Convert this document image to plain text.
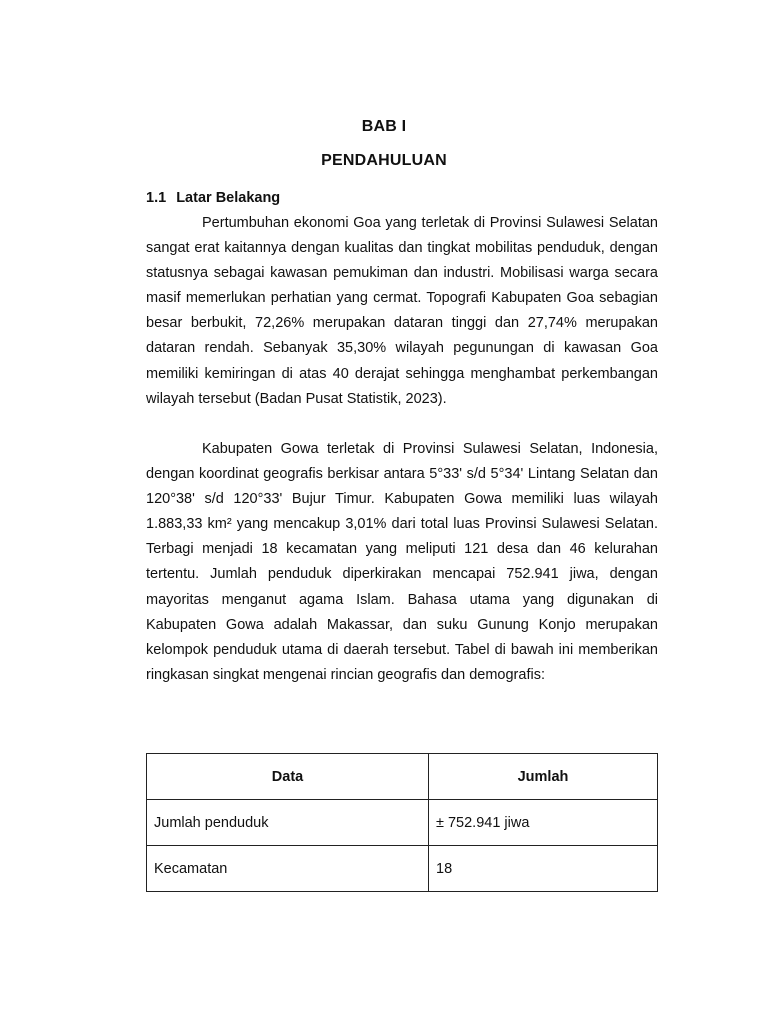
BAB I
PENDAHULUAN
1.1 Latar Belakang

Pertumbuhan ekonomi Goa yang terletak di Provinsi Sulawesi Selatan sangat erat kaitannya dengan kualitas dan tingkat mobilitas penduduk, dengan statusnya sebagai kawasan pemukiman dan industri. Mobilisasi warga secara masif memerlukan perhatian yang cermat. Topografi Kabupaten Goa sebagian besar berbukit, 72,26% merupakan dataran tinggi dan 27,74% merupakan dataran rendah. Sebanyak 35,30% wilayah pegunungan di kawasan Goa memiliki kemiringan di atas 40 derajat sehingga menghambat perkembangan wilayah tersebut (Badan Pusat Statistik, 2023).

Kabupaten Gowa terletak di Provinsi Sulawesi Selatan, Indonesia, dengan koordinat geografis berkisar antara 5°33' s/d 5°34' Lintang Selatan dan 120°38' s/d 120°33' Bujur Timur. Kabupaten Gowa memiliki luas wilayah 1.883,33 km² yang mencakup 3,01% dari total luas Provinsi Sulawesi Selatan. Terbagi menjadi 18 kecamatan yang meliputi 121 desa dan 46 kelurahan tertentu. Jumlah penduduk diperkirakan mencapai 752.941 jiwa, dengan mayoritas menganut agama Islam. Bahasa utama yang digunakan di Kabupaten Gowa adalah Makassar, dan suku Gunung Konjo merupakan kelompok penduduk utama di daerah tersebut. Tabel di bawah ini memberikan ringkasan singkat mengenai rincian geografis dan demografis:

Data	Jumlah
Jumlah penduduk	± 752.941 jiwa
Kecamatan	18
